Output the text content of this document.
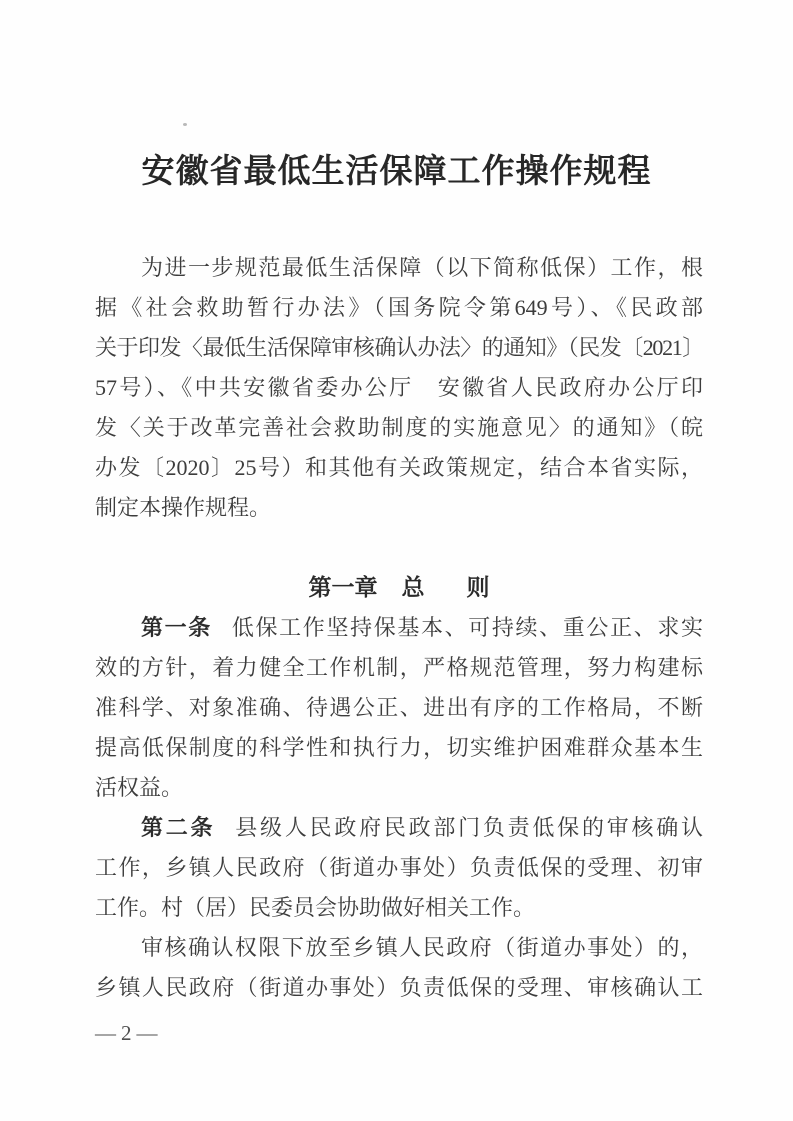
安徽省最低生活保障工作操作规程
为进一步规范最低生活保障（以下简称低保）工作，根
据《社会救助暂行办法》（国务院令第649号）、《民政部
关于印发〈最低生活保障审核确认办法〉的通知》（民发〔2021〕
57号）、《中共安徽省委办公厅　安徽省人民政府办公厅印
发〈关于改革完善社会救助制度的实施意见〉的通知》（皖
办发〔2020〕25号）和其他有关政策规定，结合本省实际，
制定本操作规程。
第一章 总 则
第一条 低保工作坚持保基本、可持续、重公正、求实
效的方针，着力健全工作机制，严格规范管理，努力构建标
准科学、对象准确、待遇公正、进出有序的工作格局，不断
提高低保制度的科学性和执行力，切实维护困难群众基本生
活权益。
第二条 县级人民政府民政部门负责低保的审核确认
工作，乡镇人民政府（街道办事处）负责低保的受理、初审
工作。村（居）民委员会协助做好相关工作。
审核确认权限下放至乡镇人民政府（街道办事处）的，
乡镇人民政府（街道办事处）负责低保的受理、审核确认工
—2—
